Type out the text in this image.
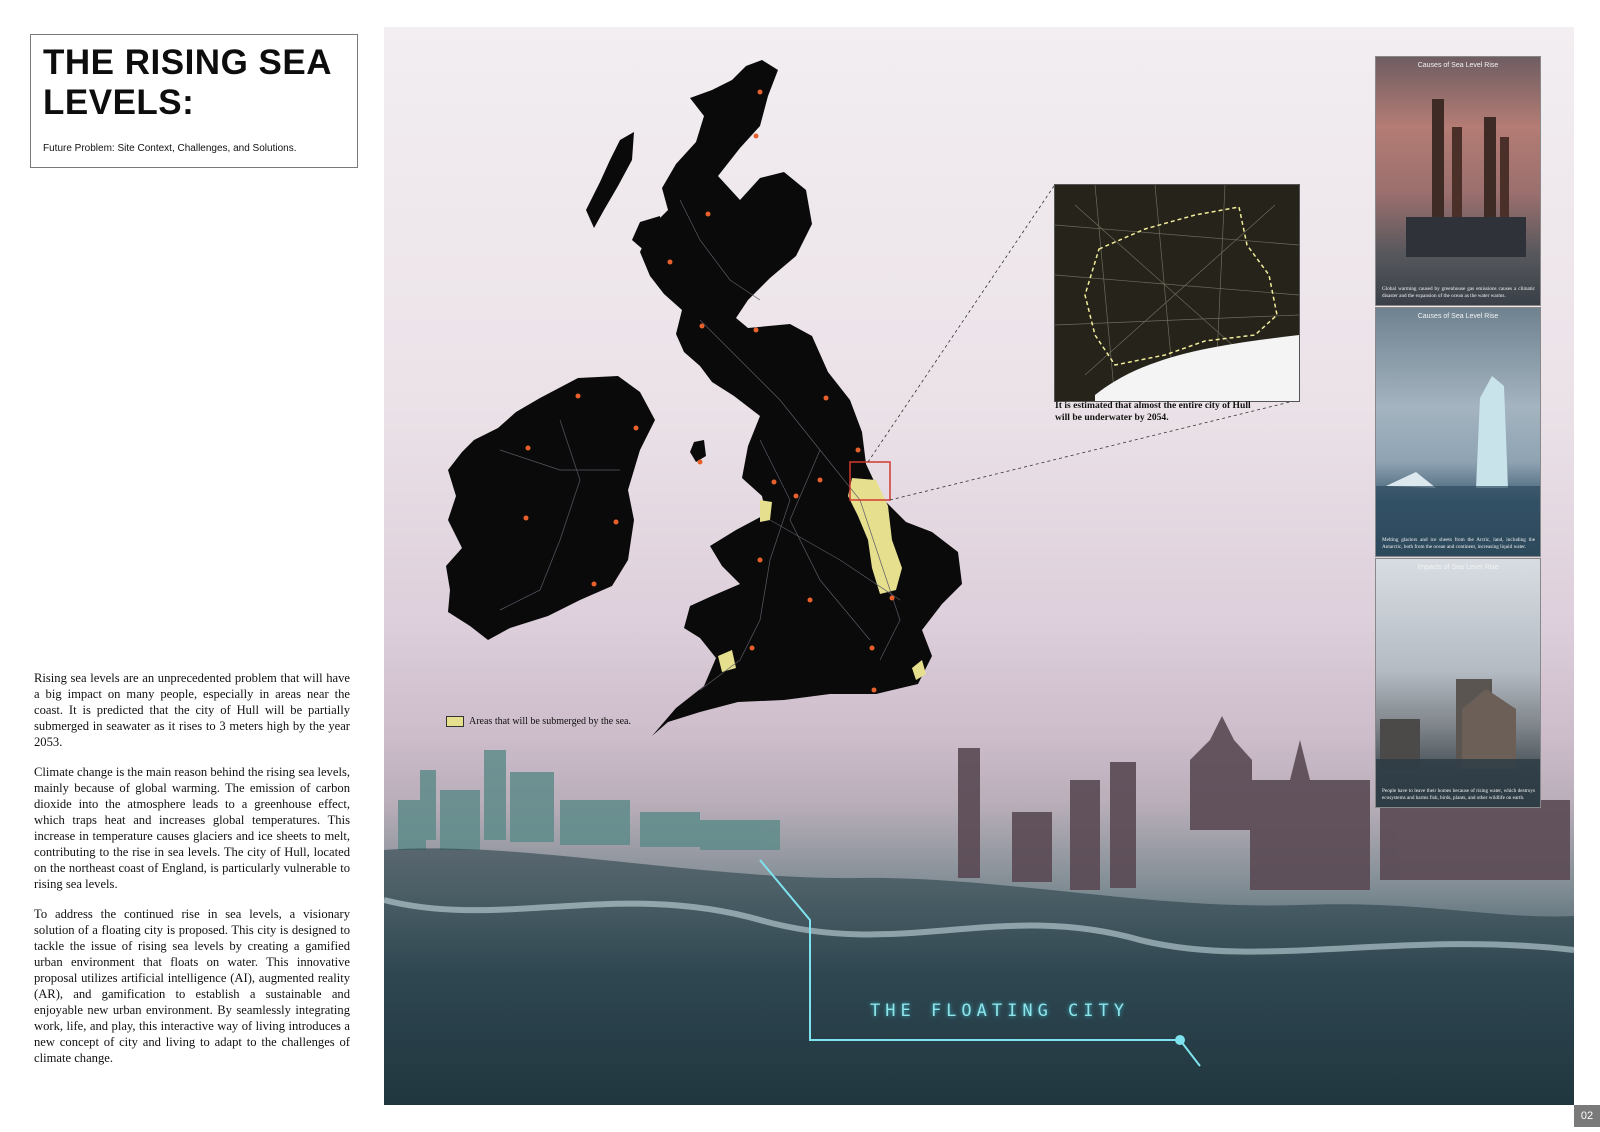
THE RISING SEA
LEVELS:
Future Problem: Site Context, Challenges, and Solutions.

Rising sea levels are an unprecedented problem that will have a big impact on many people, especially in areas near the coast. It is predicted that the city of Hull will be partially submerged in seawater as it rises to 3 meters high by the year 2053.

Climate change is the main reason behind the rising sea levels, mainly because of global warming. The emission of carbon dioxide into the atmosphere leads to a greenhouse effect, which traps heat and increases global temperatures. This increase in temperature causes glaciers and ice sheets to melt, contributing to the rise in sea levels. The city of Hull, located on the northeast coast of England, is particularly vulnerable to rising sea levels.

To address the continued rise in sea levels, a visionary solution of a floating city is proposed. This city is designed to tackle the issue of rising sea levels by creating a gamified urban environment that floats on water. This innovative proposal utilizes artificial intelligence (AI), augmented reality (AR), and gamification to establish a sustainable and enjoyable new urban environment. By seamlessly integrating work, life, and play, this interactive way of living introduces a new concept of city and living to adapt to the challenges of climate change.

Areas that will be submerged by the sea.
It is estimated that almost the entire city of Hull will be underwater by 2054.
Causes of Sea Level Rise
Global warming caused by greenhouse gas emissions causes a climatic disaster and the expansion of the ocean as the water warms.
Causes of Sea Level Rise
Melting glaciers and ice sheets from the Arctic, land, including the Antarctic, both from the ocean and continent, increasing liquid water.
Impacts of Sea Level Rise
People have to leave their homes because of rising water, which destroys ecosystems and harms fish, birds, plants, and other wildlife on earth.
THE FLOATING CITY
02
